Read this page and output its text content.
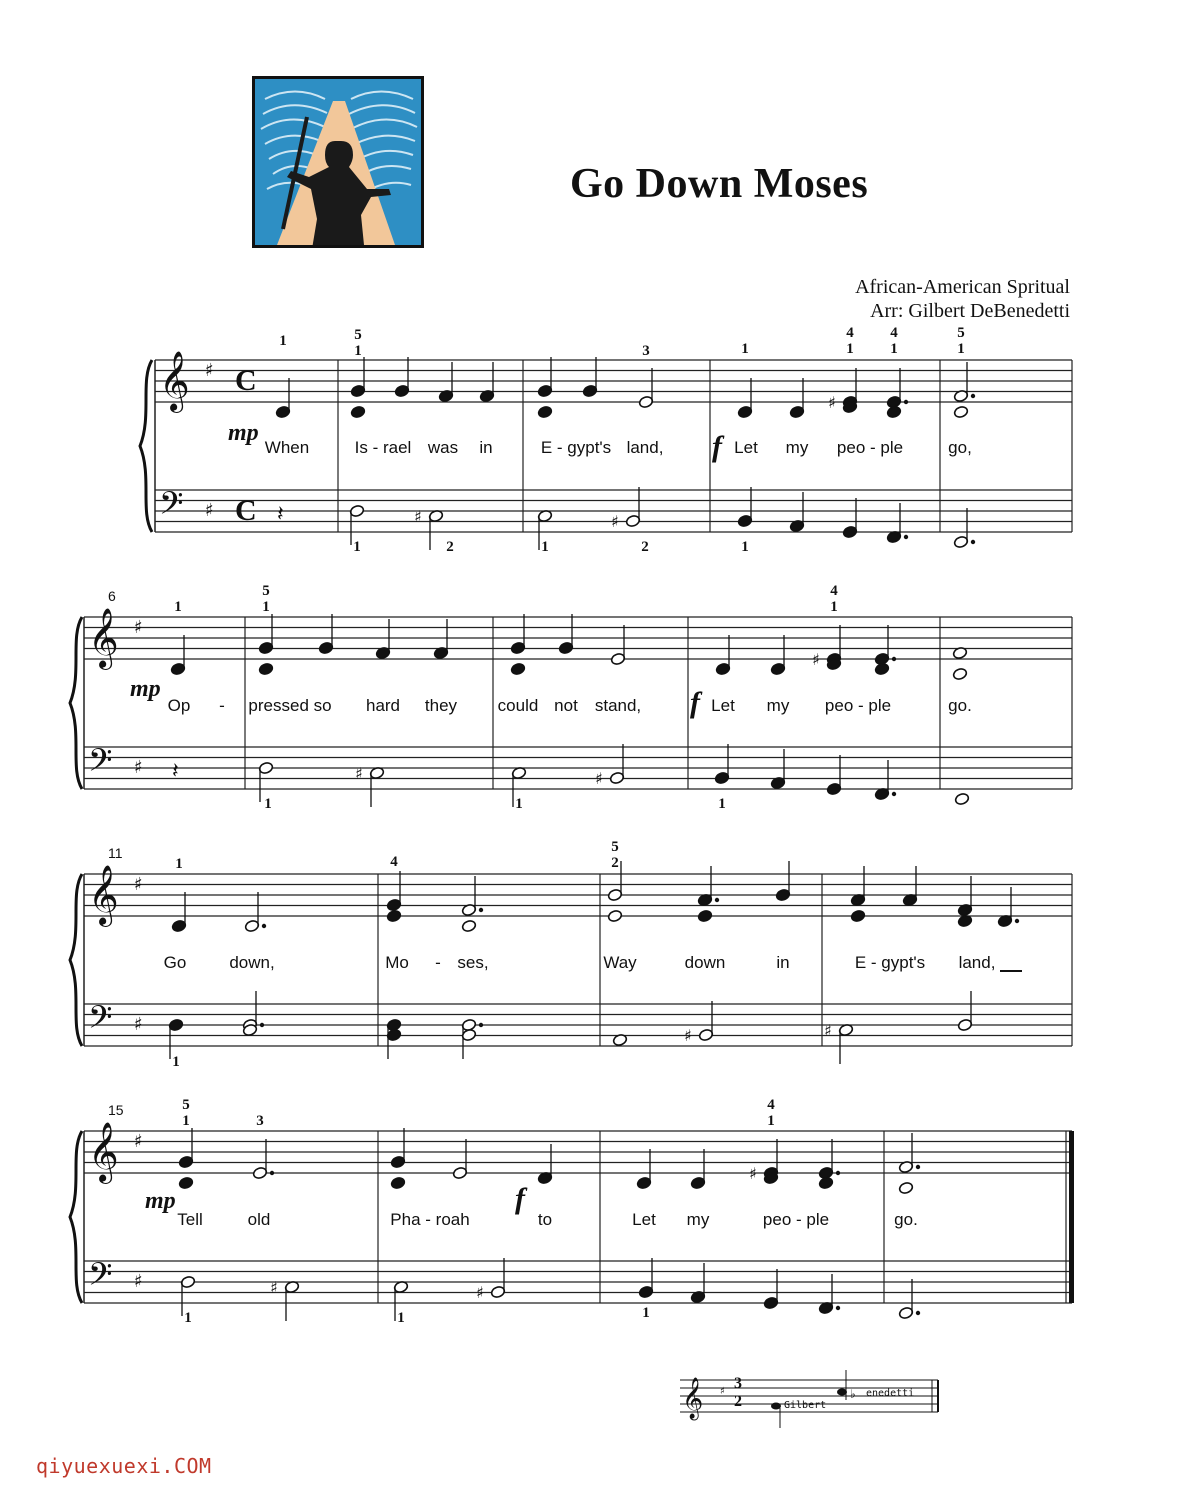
Go Down Moses
African-American Spritual
Arr: Gilbert DeBenedetti
𝄞 ♯ C
𝄢 ♯ C
𝄞 ♯
𝄢 ♯
𝄞 ♯
𝄢 ♯
𝄞 ♯
𝄢 ♯
♯
♯	♯
♯
♯	♯
♯	♯
♯
♯	♯
𝄽
𝄽
mp	f
When	Is - rael was in	E - gypt's land,	Let my peo - ple	go,
1	5
1	3	1
4
1
4
1
5
1
1	2	1	2	1
6
mp	f
Op - pressed so hard they could not stand,	Let my peo - ple	go.
1
5
1
4
1
1	1	1
11
Go	down,	Mo - ses,	Way	down	in	E - gypt's land,
1	4
5
2
1
15
mp	f
Tell	old	Pha - roah	to	Let my	peo - ple	go.
5
1	3
4
1
1	1	1
𝄞 ♯	♭
3
2	Gilbert
enedetti
qiyuexuexi.COM
